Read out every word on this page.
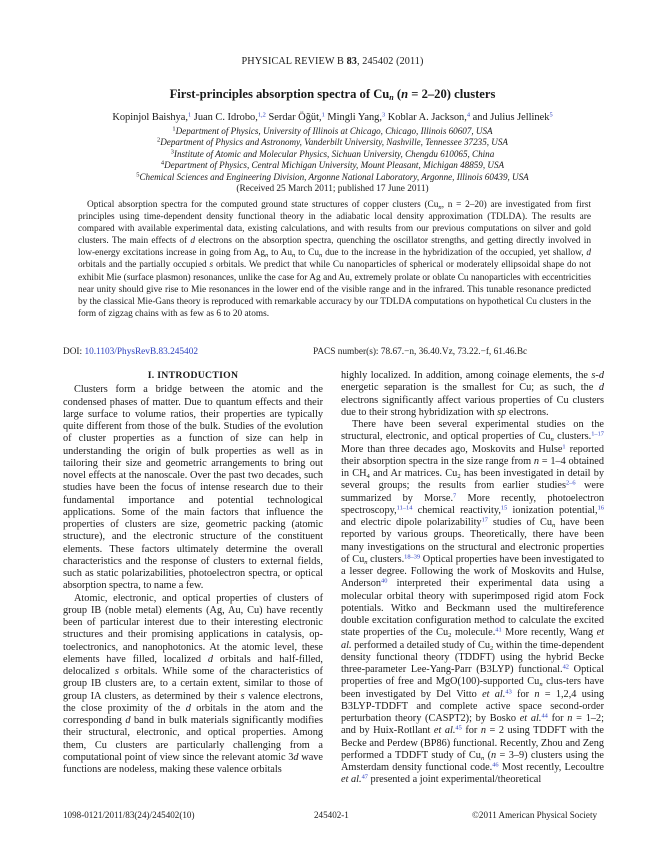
PHYSICAL REVIEW B 83, 245402 (2011)
First-principles absorption spectra of $Cu_n$ (n = 2–20) clusters
Kopinjol Baishya,$^1$ Juan C. Idrobo,$^{1,2}$ Serdar Öğüt,$^1$ Mingli Yang,$^3$ Koblar A. Jackson,$^4$ and Julius Jellinek$^5$
$^1$Department of Physics, University of Illinois at Chicago, Chicago, Illinois 60607, USA
$^2$Department of Physics and Astronomy, Vanderbilt University, Nashville, Tennessee 37235, USA
$^3$Institute of Atomic and Molecular Physics, Sichuan University, Chengdu 610065, China
$^4$Department of Physics, Central Michigan University, Mount Pleasant, Michigan 48859, USA
$^5$Chemical Sciences and Engineering Division, Argonne National Laboratory, Argonne, Illinois 60439, USA
(Received 25 March 2011; published 17 June 2011)

Optical absorption spectra for the computed ground state structures of copper clusters ($Cu_n$, n = 2–20) are investigated from first principles using time-dependent density functional theory in the adiabatic local density approximation (TDLDA). The results are compared with available experimental data, existing calculations, and with results from our previous computations on silver and gold clusters. The main effects of d electrons on the absorption spectra, quenching the oscillator strengths, and getting directly involved in low-energy excitations increase in going from $Ag_n$ to $Au_n$ to $Cu_n$ due to the increase in the hybridization of the occupied, yet shallow, d orbitals and the partially occupied s orbitals. We predict that while Cu nanoparticles of spherical or moderately ellipsoidal shape do not exhibit Mie (surface plasmon) resonances, unlike the case for Ag and Au, extremely prolate or oblate Cu nanoparticles with eccentricities near unity should give rise to Mie resonances in the lower end of the visible range and in the infrared. This tunable resonance predicted by the classical Mie-Gans theory is reproduced with remarkable accuracy by our TDLDA computations on hypothetical Cu clusters in the form of zigzag chains with as few as 6 to 20 atoms.

DOI: 10.1103/PhysRevB.83.245402	PACS number(s): 78.67.−n, 36.40.Vz, 73.22.−f, 61.46.Bc
I. INTRODUCTION

Clusters form a bridge between the atomic and the condensed phases of matter. Due to quantum effects and their large surface to volume ratios, their properties are typically quite different from those of the bulk. Studies of the evolution of cluster properties as a function of size can help in understanding the origin of bulk properties as well as in tailoring their size and geometric arrangements to bring out novel effects at the nanoscale. Over the past two decades, such studies have been the focus of intense research due to their fundamental importance and potential technological applications. Some of the main factors that influence the properties of clusters are size, geometric packing (atomic structure), and the electronic structure of the constituent elements. These factors ultimately determine the overall characteristics and the response of clusters to external fields, such as static polarizabilities, photoelectron spectra, or optical absorption spectra, to name a few.

Atomic, electronic, and optical properties of clusters of group IB (noble metal) elements (Ag, Au, Cu) have recently been of particular interest due to their interesting electronic structures and their promising applications in catalysis, op-toelectronics, and nanophotonics. At the atomic level, these elements have filled, localized d orbitals and half-filled, delocalized s orbitals. While some of the characteristics of group IB clusters are, to a certain extent, similar to those of group IA clusters, as determined by their s valence electrons, the close proximity of the d orbitals in the atom and the corresponding d band in bulk materials significantly modifies their structural, electronic, and optical properties. Among them, Cu clusters are particularly challenging from a computational point of view since the relevant atomic 3d wave functions are nodeless, making these valence orbitals

highly localized. In addition, among coinage elements, the s-d energetic separation is the smallest for Cu; as such, the d electrons significantly affect various properties of Cu clusters due to their strong hybridization with sp electrons.

There have been several experimental studies on the structural, electronic, and optical properties of $Cu_n$ clusters.$^{1-17}$ More than three decades ago, Moskovits and Hulse$^1$ reported their absorption spectra in the size range from n = 1–4 obtained in $CH_4$ and Ar matrices. $Cu_2$ has been investigated in detail by several groups; the results from earlier studies$^{2-6}$ were summarized by Morse.$^7$ More recently, photoelectron spectroscopy,$^{11-14}$ chemical reactivity,$^{15}$ ionization potential,$^{16}$ and electric dipole polarizability$^{17}$ studies of $Cu_n$ have been reported by various groups. Theoretically, there have been many investigations on the structural and electronic properties of $Cu_n$ clusters.$^{18-39}$ Optical properties have been investigated to a lesser degree. Following the work of Moskovits and Hulse, Anderson$^{40}$ interpreted their experimental data using a molecular orbital theory with superimposed rigid atom Fock potentials. Witko and Beckmann used the multireference double excitation configuration method to calculate the excited state properties of the $Cu_2$ molecule.$^{41}$ More recently, Wang et al. performed a detailed study of $Cu_2$ within the time-dependent density functional theory (TDDFT) using the hybrid Becke three-parameter Lee-Yang-Parr (B3LYP) functional.$^{42}$ Optical properties of free and MgO(100)-supported $Cu_n$ clus-ters have been investigated by Del Vitto et al.$^{43}$ for n = 1,2,4 using B3LYP-TDDFT and complete active space second-order perturbation theory (CASPT2); by Bosko et al.$^{44}$ for n = 1–2; and by Huix-Rotllant et al.$^{45}$ for n = 2 using TDDFT with the Becke and Perdew (BP86) functional. Recently, Zhou and Zeng performed a TDDFT study of $Cu_n$ (n = 3–9) clusters using the Amsterdam density functional code.$^{46}$ Most recently, Lecoultre et al.$^{47}$ presented a joint experimental/theoretical

1098-0121/2011/83(24)/245402(10)	245402-1	©2011 American Physical Society
